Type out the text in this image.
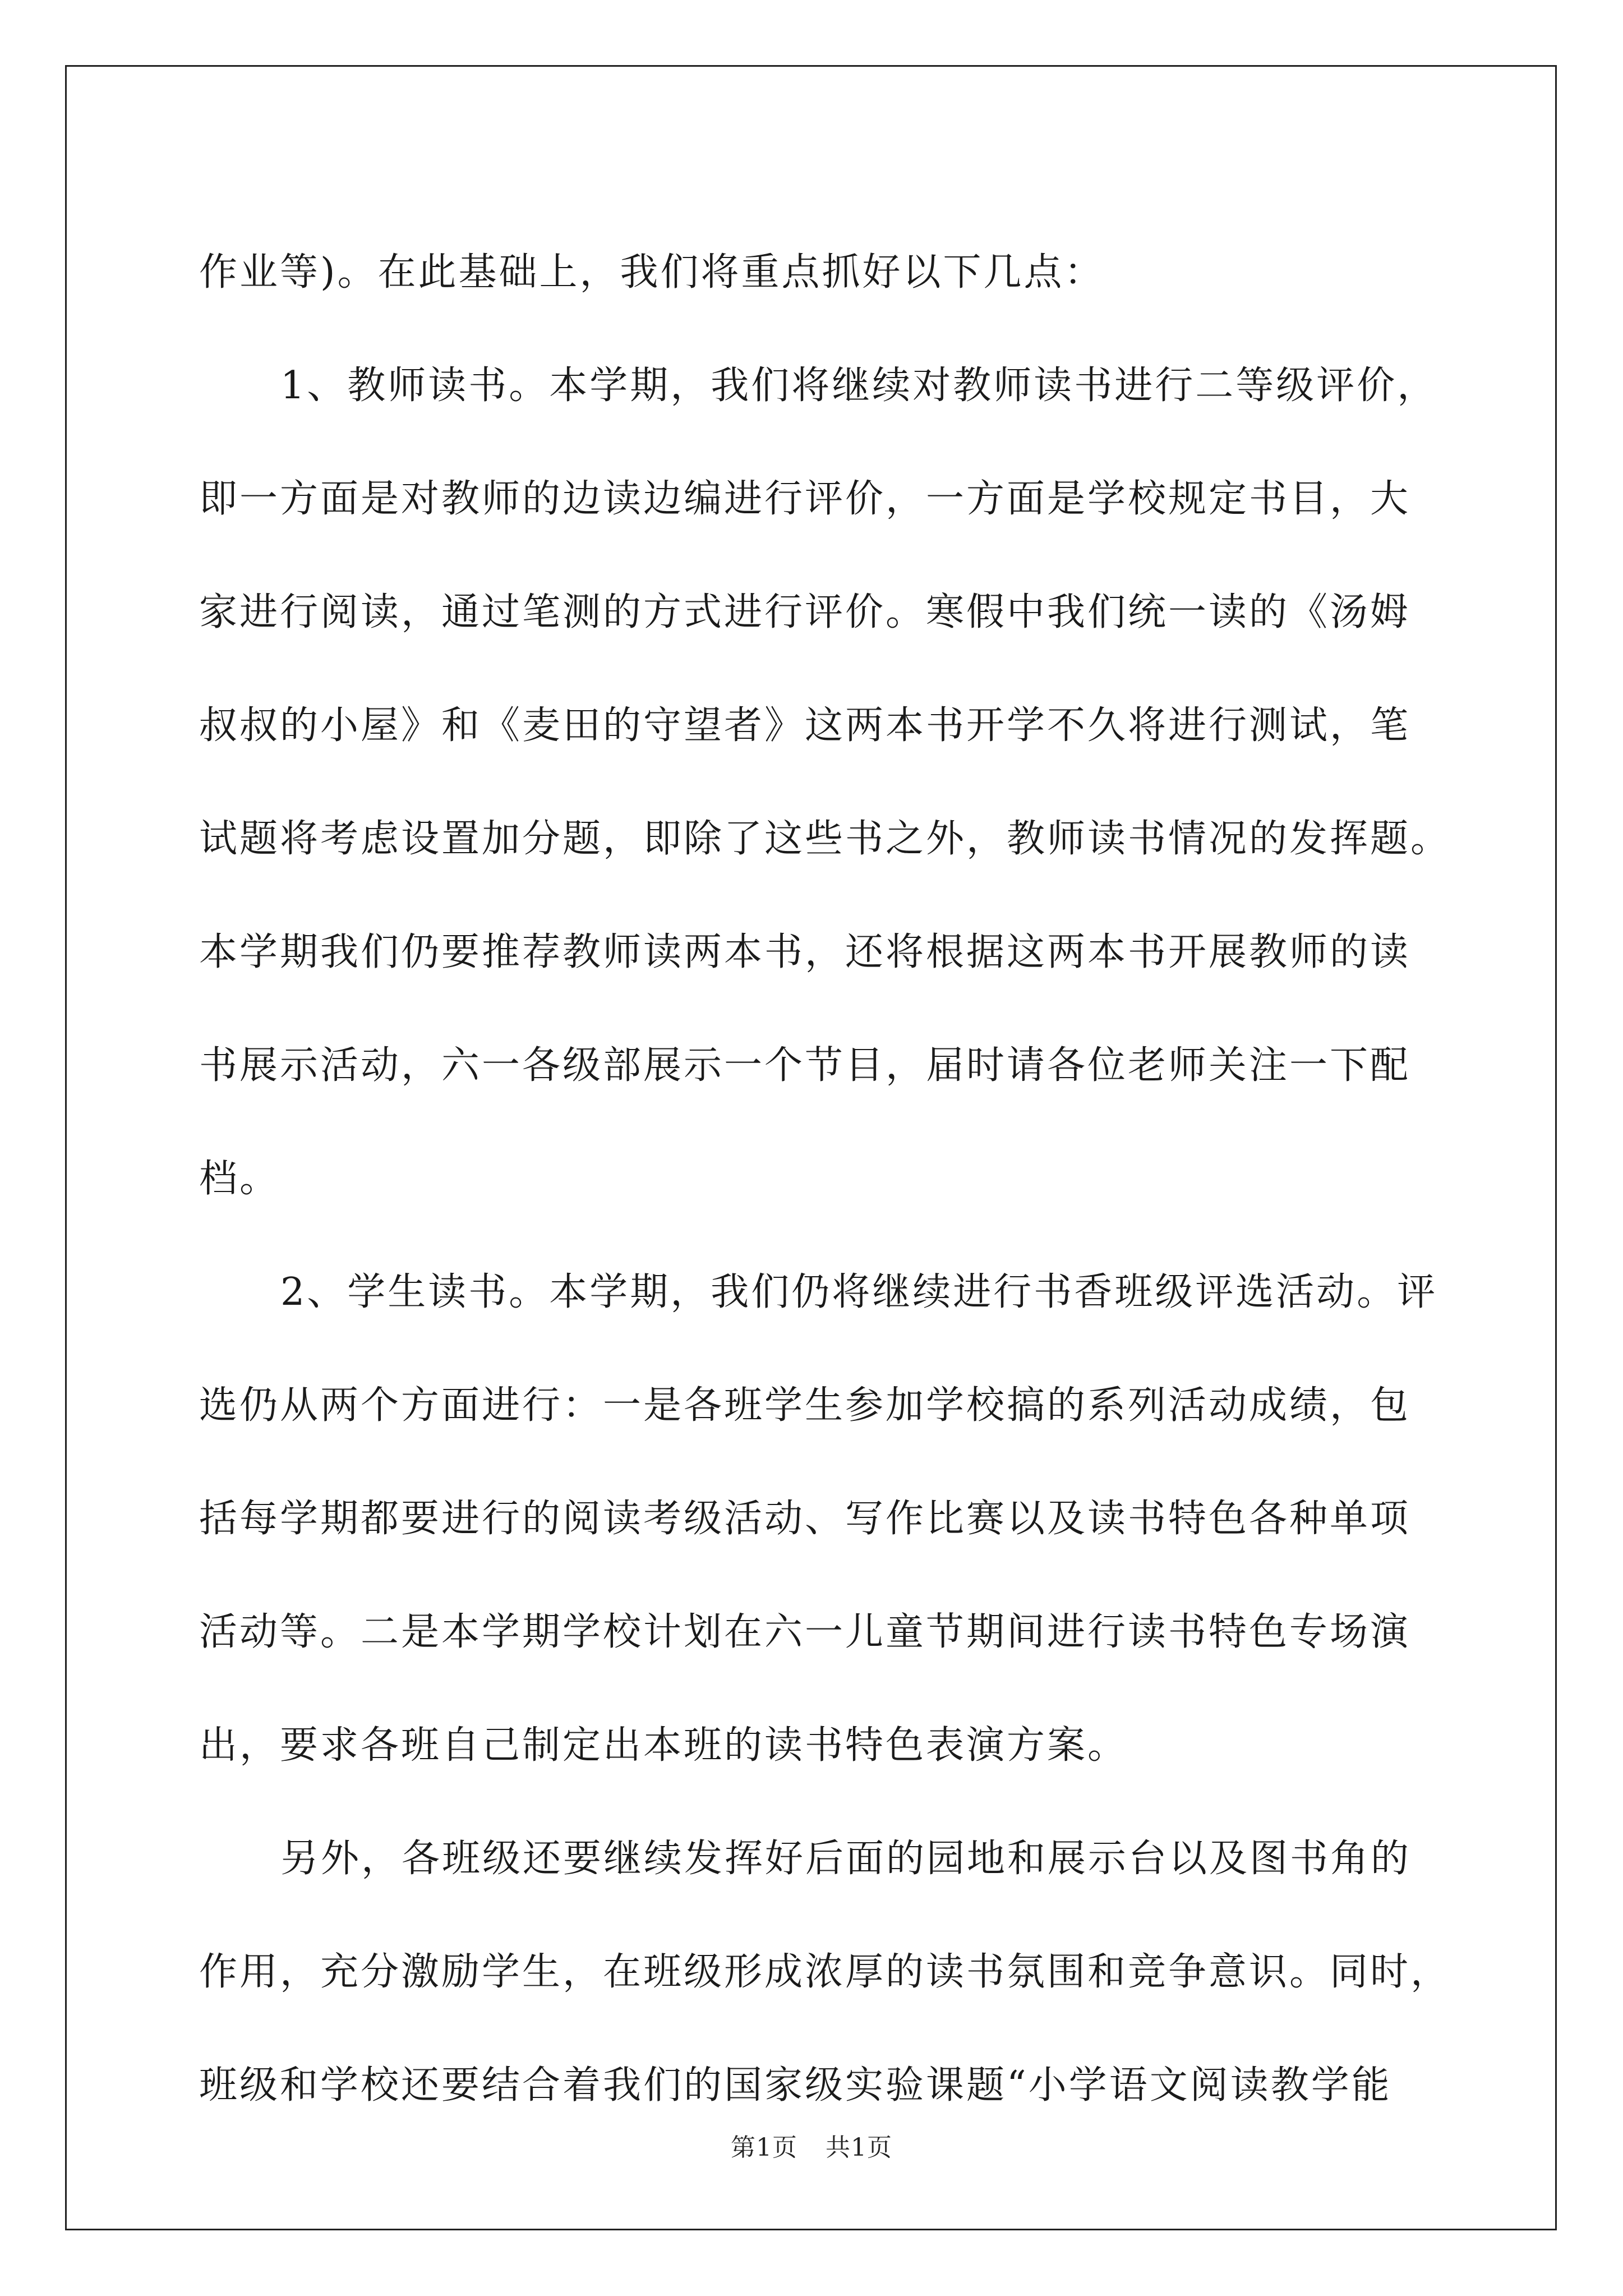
作业等)。在此基础上，我们将重点抓好以下几点：
1、教师读书。本学期，我们将继续对教师读书进行二等级评价，
即一方面是对教师的边读边编进行评价，一方面是学校规定书目，大
家进行阅读，通过笔测的方式进行评价。寒假中我们统一读的《汤姆
叔叔的小屋》和《麦田的守望者》这两本书开学不久将进行测试，笔
试题将考虑设置加分题，即除了这些书之外，教师读书情况的发挥题。
本学期我们仍要推荐教师读两本书，还将根据这两本书开展教师的读
书展示活动，六一各级部展示一个节目，届时请各位老师关注一下配
档。
2、学生读书。本学期，我们仍将继续进行书香班级评选活动。评
选仍从两个方面进行：一是各班学生参加学校搞的系列活动成绩，包
括每学期都要进行的阅读考级活动、写作比赛以及读书特色各种单项
活动等。二是本学期学校计划在六一儿童节期间进行读书特色专场演
出，要求各班自己制定出本班的读书特色表演方案。
另外，各班级还要继续发挥好后面的园地和展示台以及图书角的
作用，充分激励学生，在班级形成浓厚的读书氛围和竞争意识。同时，
班级和学校还要结合着我们的国家级实验课题“小学语文阅读教学能
第1页 共1页
